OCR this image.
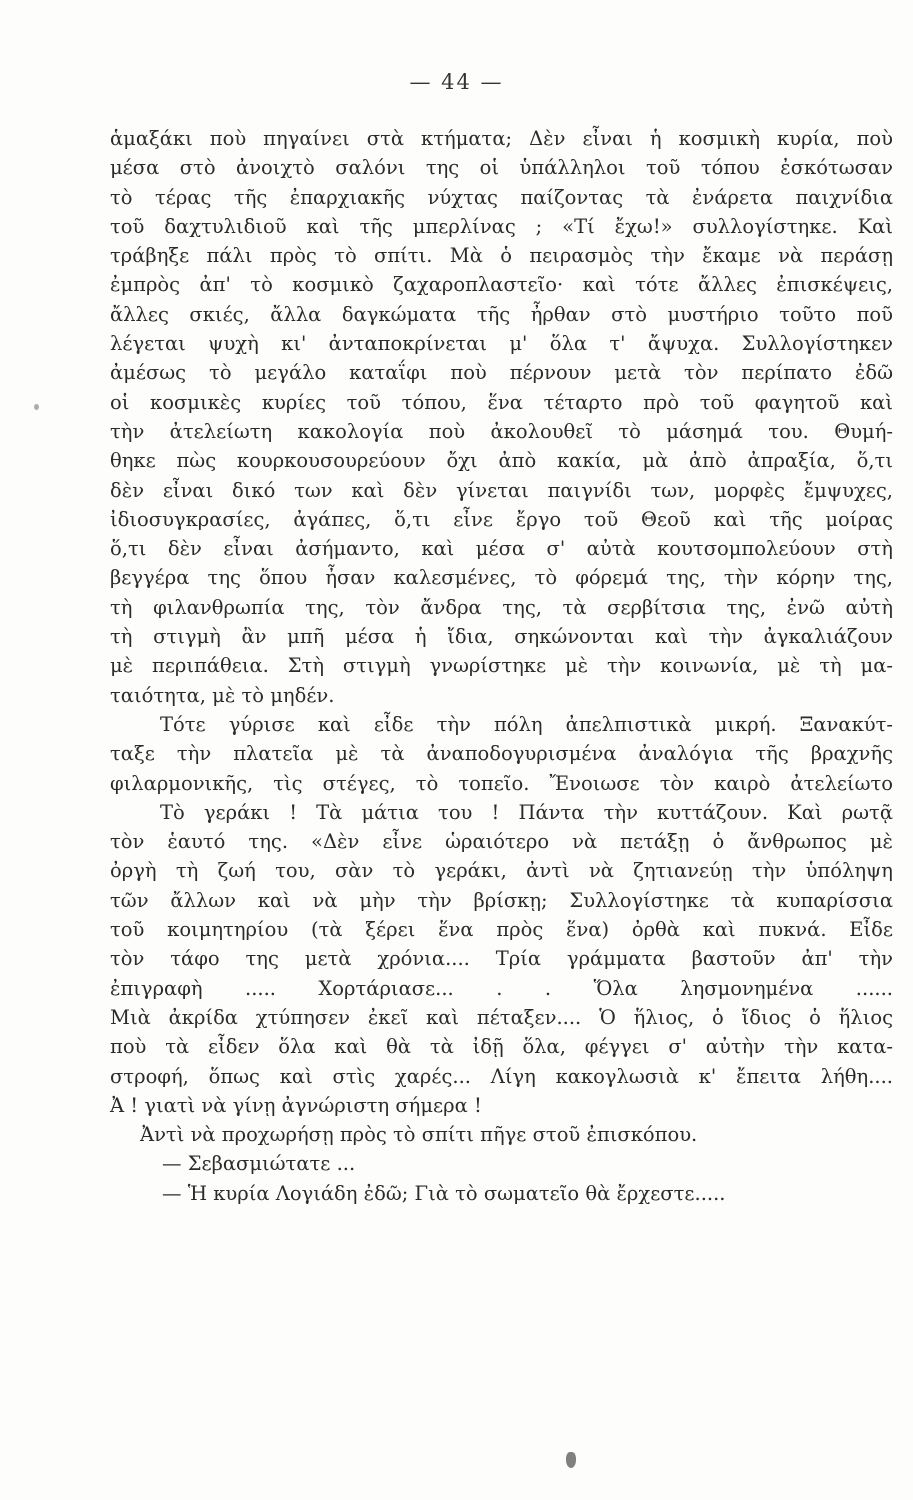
— 44 —
ἁμαξάκι ποὺ πηγαίνει στὰ κτήματα; Δὲν εἶναι ἡ κοσμικὴ κυρία, ποὺ
μέσα στὸ ἀνοιχτὸ σαλόνι της οἱ ὑπάλληλοι τοῦ τόπου ἐσκότωσαν
τὸ τέρας τῆς ἐπαρχιακῆς νύχτας παίζοντας τὰ ἐνάρετα παιχνίδια
τοῦ δαχτυλιδιοῦ καὶ τῆς μπερλίνας ; «Τί ἔχω!» συλλογίστηκε. Καὶ
τράβηξε πάλι πρὸς τὸ σπίτι. Μὰ ὁ πειρασμὸς τὴν ἔκαμε νὰ περάσῃ
ἐμπρὸς ἀπ' τὸ κοσμικὸ ζαχαροπλαστεῖο· καὶ τότε ἄλλες ἐπισκέψεις,
ἄλλες σκιές, ἄλλα δαγκώματα τῆς ἦρθαν στὸ μυστήριο τοῦτο ποῦ
λέγεται ψυχὴ κι' ἀνταποκρίνεται μ' ὅλα τ' ἄψυχα. Συλλογίστηκεν
ἀμέσως τὸ μεγάλο καταΐφι ποὺ πέρνουν μετὰ τὸν περίπατο ἐδῶ
οἱ κοσμικὲς κυρίες τοῦ τόπου, ἕνα τέταρτο πρὸ τοῦ φαγητοῦ καὶ
τὴν ἀτελείωτη κακολογία ποὺ ἀκολουθεῖ τὸ μάσημά του. Θυμή-
θηκε πὼς κουρκουσουρεύουν ὄχι ἀπὸ κακία, μὰ ἀπὸ ἀπραξία, ὅ,τι
δὲν εἶναι δικό των καὶ δὲν γίνεται παιγνίδι των, μορφὲς ἔμψυχες,
ἰδιοσυγκρασίες, ἀγάπες, ὅ,τι εἶνε ἔργο τοῦ Θεοῦ καὶ τῆς μοίρας
ὅ,τι δὲν εἶναι ἀσήμαντο, καὶ μέσα σ' αὐτὰ κουτσομπολεύουν στὴ
βεγγέρα της ὅπου ἦσαν καλεσμένες, τὸ φόρεμά της, τὴν κόρην της,
τὴ φιλανθρωπία της, τὸν ἄνδρα της, τὰ σερβίτσια της, ἐνῶ αὐτὴ
τὴ στιγμὴ ἂν μπῆ μέσα ἡ ἴδια, σηκώνονται καὶ τὴν ἀγκαλιάζουν
μὲ περιπάθεια. Στὴ στιγμὴ γνωρίστηκε μὲ τὴν κοινωνία, μὲ τὴ μα-
ταιότητα, μὲ τὸ μηδέν.
Τότε γύρισε καὶ εἶδε τὴν πόλη ἀπελπιστικὰ μικρή. Ξανακύτ-
ταξε τὴν πλατεῖα μὲ τὰ ἀναποδογυρισμένα ἀναλόγια τῆς βραχνῆς
φιλαρμονικῆς, τὶς στέγες, τὸ τοπεῖο. Ἔνοιωσε τὸν καιρὸ ἀτελείωτο
Τὸ γεράκι ! Τὰ μάτια του ! Πάντα τὴν κυττάζουν. Καὶ ρωτᾷ
τὸν ἑαυτό της. «Δὲν εἶνε ὡραιότερο νὰ πετάξῃ ὁ ἄνθρωπος μὲ
ὀργὴ τὴ ζωή του, σὰν τὸ γεράκι, ἀντὶ νὰ ζητιανεύῃ τὴν ὑπόληψη
τῶν ἄλλων καὶ νὰ μὴν τὴν βρίσκῃ; Συλλογίστηκε τὰ κυπαρίσσια
τοῦ κοιμητηρίου (τὰ ξέρει ἕνα πρὸς ἕνα) ὀρθὰ καὶ πυκνά. Εἶδε
τὸν τάφο της μετὰ χρόνια.... Τρία γράμματα βαστοῦν ἀπ' τὴν
ἐπιγραφὴ ..... Χορτάριασε... . . Ὅλα λησμονημένα ......
Μιὰ ἀκρίδα χτύπησεν ἐκεῖ καὶ πέταξεν.... Ὁ ἥλιος, ὁ ἴδιος ὁ ἥλιος
ποὺ τὰ εἶδεν ὅλα καὶ θὰ τὰ ἰδῇ ὅλα, φέγγει σ' αὐτὴν τὴν κατα-
στροφή, ὅπως καὶ στὶς χαρές... Λίγη κακογλωσιὰ κ' ἔπειτα λήθη....
Ἀ ! γιατὶ νὰ γίνῃ ἀγνώριστη σήμερα !
Ἀντὶ νὰ προχωρήσῃ πρὸς τὸ σπίτι πῆγε στοῦ ἐπισκόπου.
— Σεβασμιώτατε ...
— Ἡ κυρία Λογιάδη ἐδῶ; Γιὰ τὸ σωματεῖο θὰ ἔρχεστε.....
